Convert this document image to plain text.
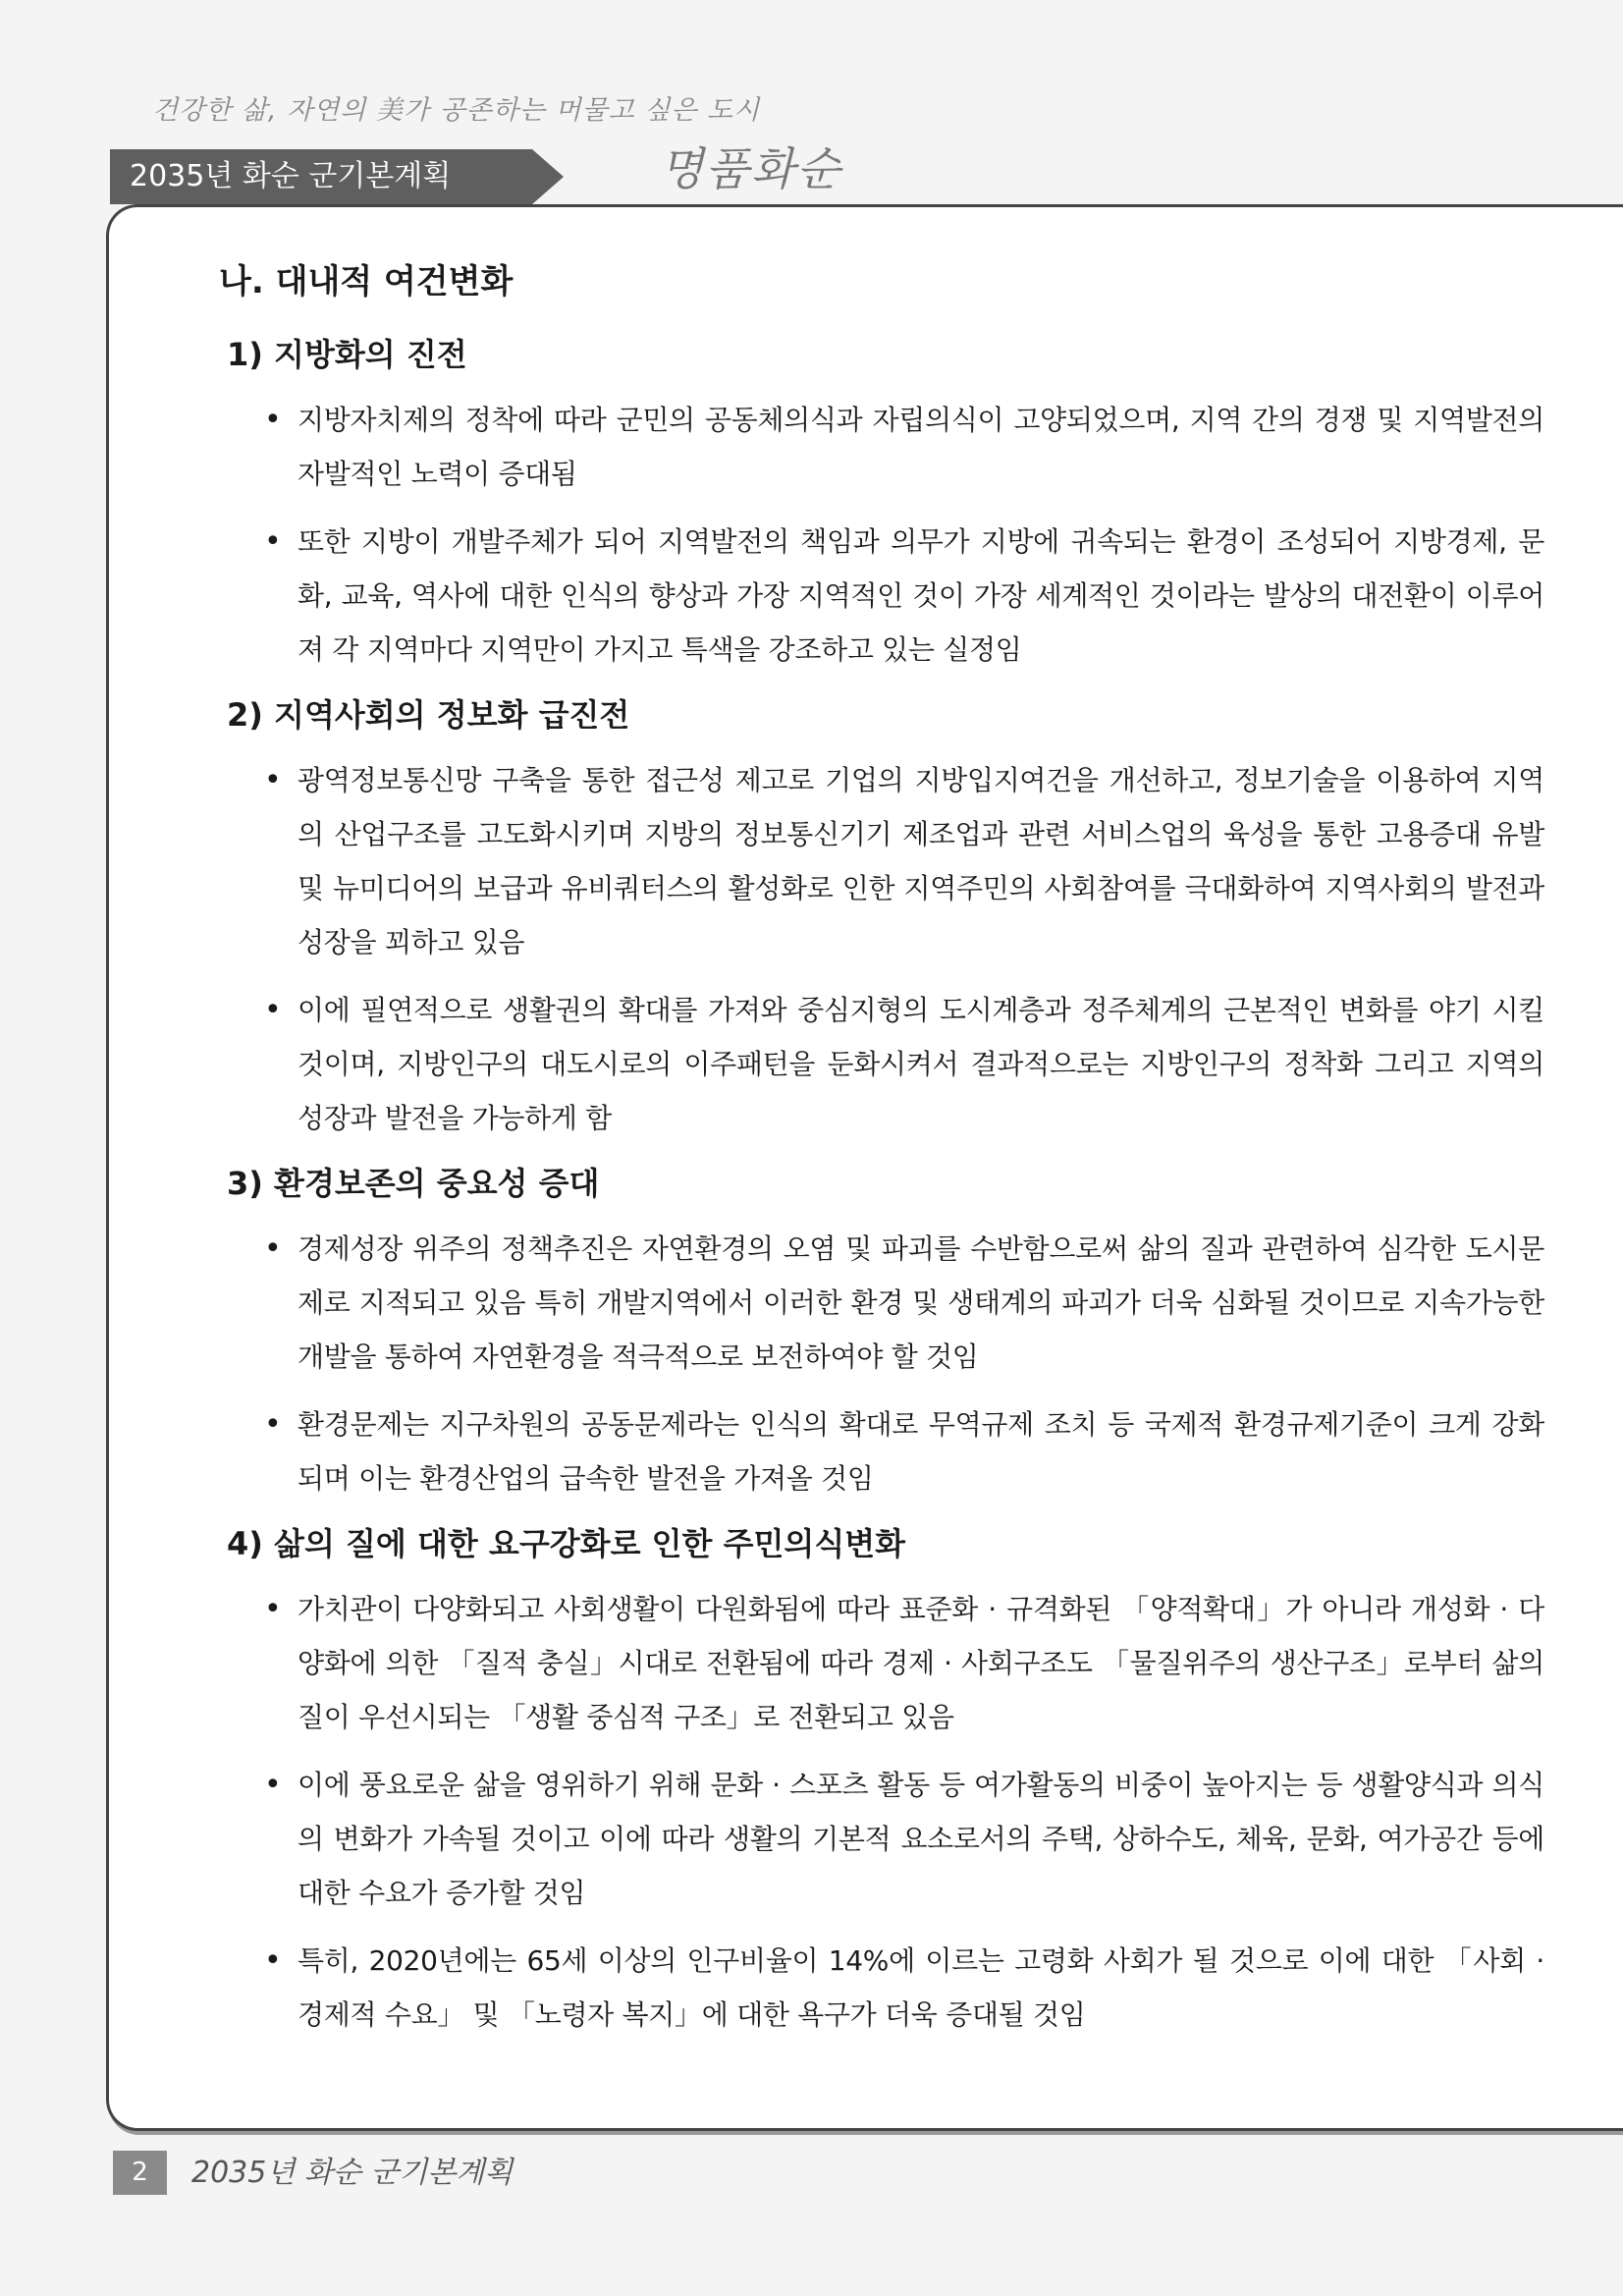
건강한 삶, 자연의 美가 공존하는 머물고 싶은 도시
2035년 화순 군기본계획	명품화순
나. 대내적 여건변화
1) 지방화의 진전
• 지방자치제의 정착에 따라 군민의 공동체의식과 자립의식이 고양되었으며, 지역 간의 경쟁 및 지역발전의 자발적인 노력이 증대됨
• 또한 지방이 개발주체가 되어 지역발전의 책임과 의무가 지방에 귀속되는 환경이 조성되어 지방경제, 문화, 교육, 역사에 대한 인식의 향상과 가장 지역적인 것이 가장 세계적인 것이라는 발상의 대전환이 이루어져 각 지역마다 지역만이 가지고 특색을 강조하고 있는 실정임
2) 지역사회의 정보화 급진전
• 광역정보통신망 구축을 통한 접근성 제고로 기업의 지방입지여건을 개선하고, 정보기술을 이용하여 지역의 산업구조를 고도화시키며 지방의 정보통신기기 제조업과 관련 서비스업의 육성을 통한 고용증대 유발 및 뉴미디어의 보급과 유비쿼터스의 활성화로 인한 지역주민의 사회참여를 극대화하여 지역사회의 발전과 성장을 꾀하고 있음
• 이에 필연적으로 생활권의 확대를 가져와 중심지형의 도시계층과 정주체계의 근본적인 변화를 야기 시킬 것이며, 지방인구의 대도시로의 이주패턴을 둔화시켜서 결과적으로는 지방인구의 정착화 그리고 지역의 성장과 발전을 가능하게 함
3) 환경보존의 중요성 증대
• 경제성장 위주의 정책추진은 자연환경의 오염 및 파괴를 수반함으로써 삶의 질과 관련하여 심각한 도시문제로 지적되고 있음 특히 개발지역에서 이러한 환경 및 생태계의 파괴가 더욱 심화될 것이므로 지속가능한 개발을 통하여 자연환경을 적극적으로 보전하여야 할 것임
• 환경문제는 지구차원의 공동문제라는 인식의 확대로 무역규제 조치 등 국제적 환경규제기준이 크게 강화되며 이는 환경산업의 급속한 발전을 가져올 것임
4) 삶의 질에 대한 요구강화로 인한 주민의식변화
• 가치관이 다양화되고 사회생활이 다원화됨에 따라 표준화 · 규격화된 「양적확대」가 아니라 개성화 · 다양화에 의한 「질적 충실」시대로 전환됨에 따라 경제 · 사회구조도 「물질위주의 생산구조」로부터 삶의 질이 우선시되는 「생활 중심적 구조」로 전환되고 있음
• 이에 풍요로운 삶을 영위하기 위해 문화 · 스포츠 활동 등 여가활동의 비중이 높아지는 등 생활양식과 의식의 변화가 가속될 것이고 이에 따라 생활의 기본적 요소로서의 주택, 상하수도, 체육, 문화, 여가공간 등에 대한 수요가 증가할 것임
• 특히, 2020년에는 65세 이상의 인구비율이 14%에 이르는 고령화 사회가 될 것으로 이에 대한 「사회 · 경제적 수요」 및 「노령자 복지」에 대한 욕구가 더욱 증대될 것임
2	2035년 화순 군기본계획
